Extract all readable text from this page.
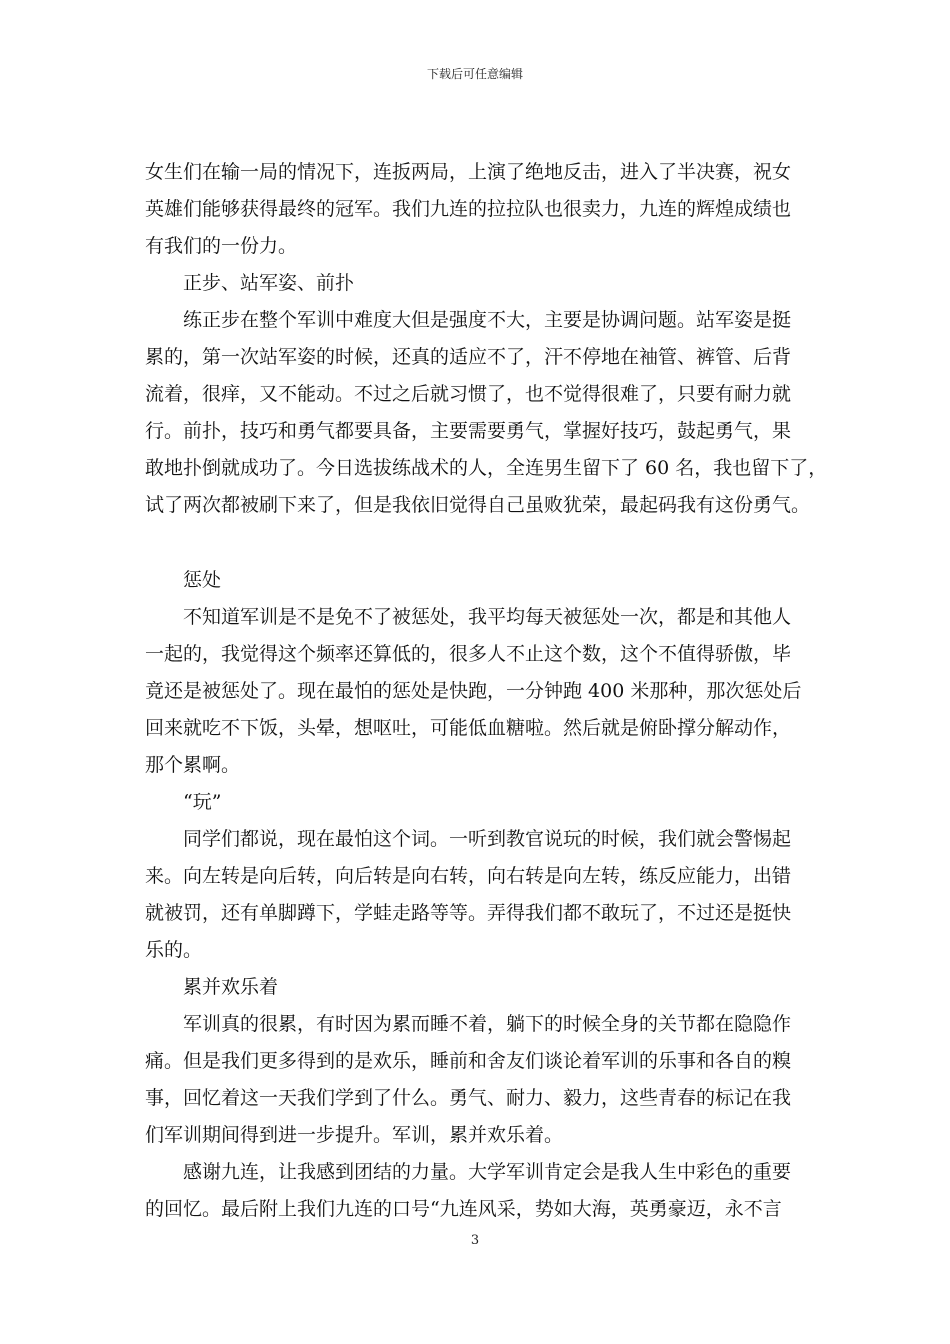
下载后可任意编辑

女生们在输一局的情况下，连扳两局，上演了绝地反击，进入了半决赛，祝女

英雄们能够获得最终的冠军。我们九连的拉拉队也很卖力，九连的辉煌成绩也

有我们的一份力。

　　正步、站军姿、前扑

　　练正步在整个军训中难度大但是强度不大，主要是协调问题。站军姿是挺

累的，第一次站军姿的时候，还真的适应不了，汗不停地在袖管、裤管、后背

流着，很痒，又不能动。不过之后就习惯了，也不觉得很难了，只要有耐力就

行。前扑，技巧和勇气都要具备，主要需要勇气，掌握好技巧，鼓起勇气，果

敢地扑倒就成功了。今日选拔练战术的人，全连男生留下了 60 名，我也留下了，

试了两次都被刷下来了，但是我依旧觉得自己虽败犹荣，最起码我有这份勇气。

　　惩处

　　不知道军训是不是免不了被惩处，我平均每天被惩处一次，都是和其他人

一起的，我觉得这个频率还算低的，很多人不止这个数，这个不值得骄傲，毕

竟还是被惩处了。现在最怕的惩处是快跑，一分钟跑 400 米那种，那次惩处后

回来就吃不下饭，头晕，想呕吐，可能低血糖啦。然后就是俯卧撑分解动作，

那个累啊。

　　“玩”

　　同学们都说，现在最怕这个词。一听到教官说玩的时候，我们就会警惕起

来。向左转是向后转，向后转是向右转，向右转是向左转，练反应能力，出错

就被罚，还有单脚蹲下，学蛙走路等等。弄得我们都不敢玩了，不过还是挺快

乐的。

　　累并欢乐着

　　军训真的很累，有时因为累而睡不着，躺下的时候全身的关节都在隐隐作

痛。但是我们更多得到的是欢乐，睡前和舍友们谈论着军训的乐事和各自的糗

事，回忆着这一天我们学到了什么。勇气、耐力、毅力，这些青春的标记在我

们军训期间得到进一步提升。军训，累并欢乐着。

　　感谢九连，让我感到团结的力量。大学军训肯定会是我人生中彩色的重要

的回忆。最后附上我们九连的口号“九连风采，势如大海，英勇豪迈，永不言

3
